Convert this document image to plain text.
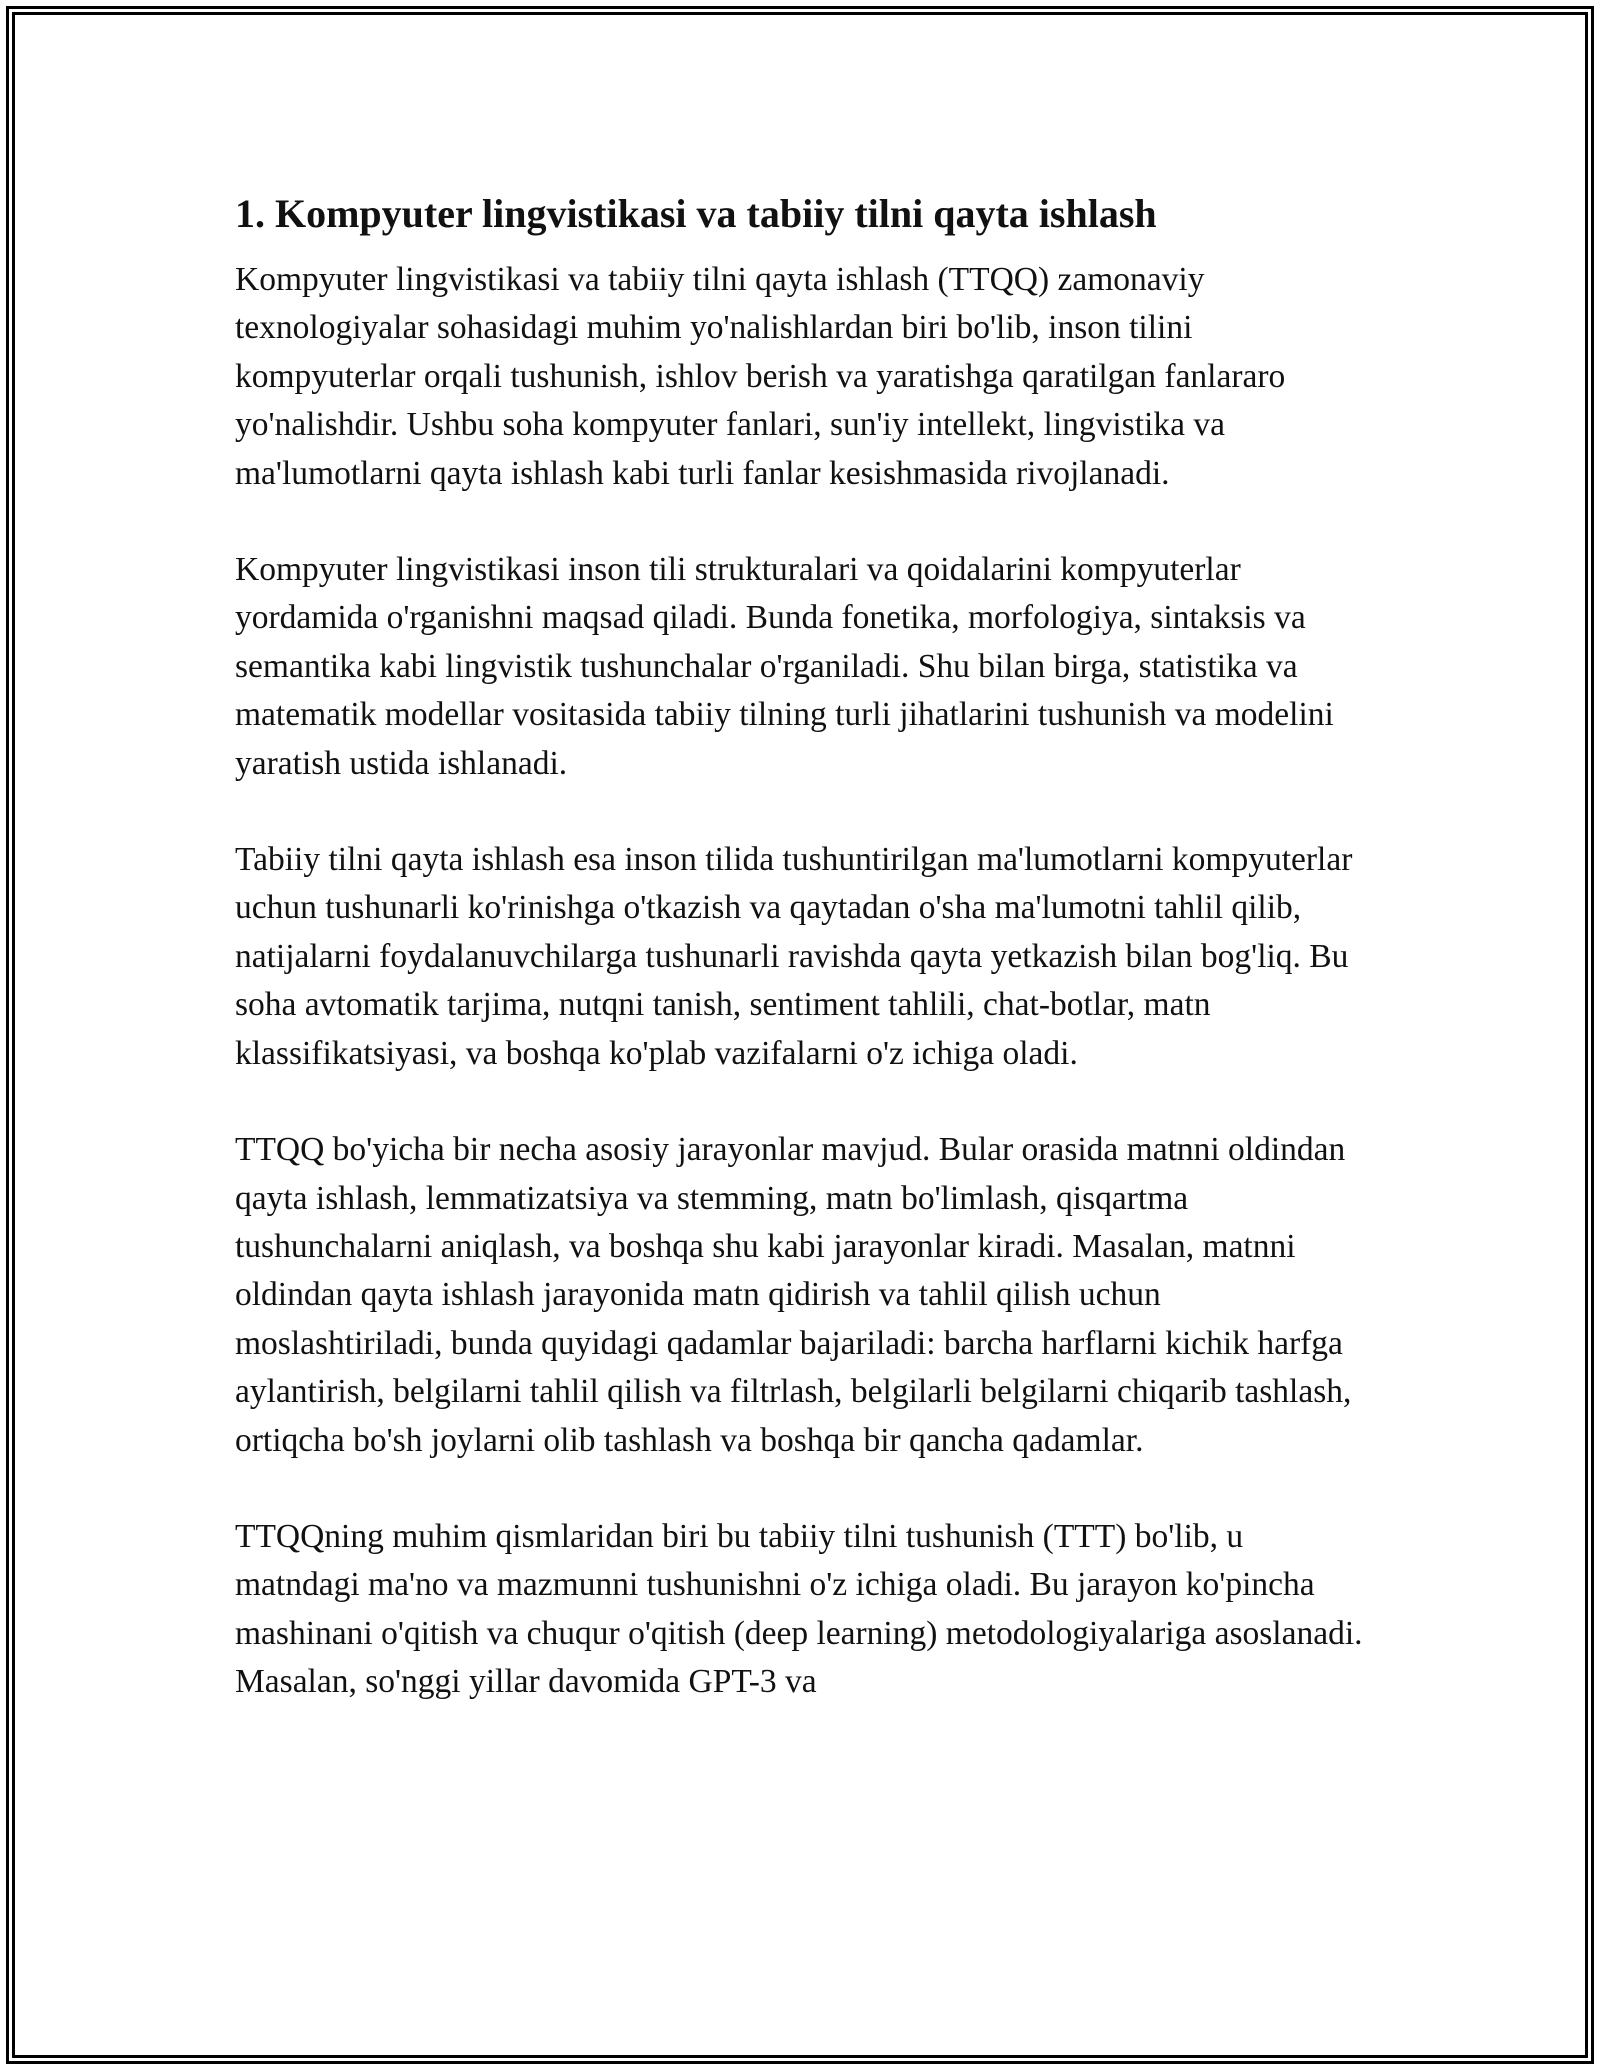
1. Kompyuter lingvistikasi va tabiiy tilni qayta ishlash

Kompyuter lingvistikasi va tabiiy tilni qayta ishlash (TTQQ) zamonaviy texnologiyalar sohasidagi muhim yo'nalishlardan biri bo'lib, inson tilini kompyuterlar orqali tushunish, ishlov berish va yaratishga qaratilgan fanlararo yo'nalishdir. Ushbu soha kompyuter fanlari, sun'iy intellekt, lingvistika va ma'lumotlarni qayta ishlash kabi turli fanlar kesishmasida rivojlanadi.

Kompyuter lingvistikasi inson tili strukturalari va qoidalarini kompyuterlar yordamida o'rganishni maqsad qiladi. Bunda fonetika, morfologiya, sintaksis va semantika kabi lingvistik tushunchalar o'rganiladi. Shu bilan birga, statistika va matematik modellar vositasida tabiiy tilning turli jihatlarini tushunish va modelini yaratish ustida ishlanadi.

Tabiiy tilni qayta ishlash esa inson tilida tushuntirilgan ma'lumotlarni kompyuterlar uchun tushunarli ko'rinishga o'tkazish va qaytadan o'sha ma'lumotni tahlil qilib, natijalarni foydalanuvchilarga tushunarli ravishda qayta yetkazish bilan bog'liq. Bu soha avtomatik tarjima, nutqni tanish, sentiment tahlili, chat-botlar, matn klassifikatsiyasi, va boshqa ko'plab vazifalarni o'z ichiga oladi.

TTQQ bo'yicha bir necha asosiy jarayonlar mavjud. Bular orasida matnni oldindan qayta ishlash, lemmatizatsiya va stemming, matn bo'limlash, qisqartma tushunchalarni aniqlash, va boshqa shu kabi jarayonlar kiradi. Masalan, matnni oldindan qayta ishlash jarayonida matn qidirish va tahlil qilish uchun moslashtiriladi, bunda quyidagi qadamlar bajariladi: barcha harflarni kichik harfga aylantirish, belgilarni tahlil qilish va filtrlash, belgilarli belgilarni chiqarib tashlash, ortiqcha bo'sh joylarni olib tashlash va boshqa bir qancha qadamlar.

TTQQning muhim qismlaridan biri bu tabiiy tilni tushunish (TTT) bo'lib, u matndagi ma'no va mazmunni tushunishni o'z ichiga oladi. Bu jarayon ko'pincha mashinani o'qitish va chuqur o'qitish (deep learning) metodologiyalariga asoslanadi. Masalan, so'nggi yillar davomida GPT-3 va
